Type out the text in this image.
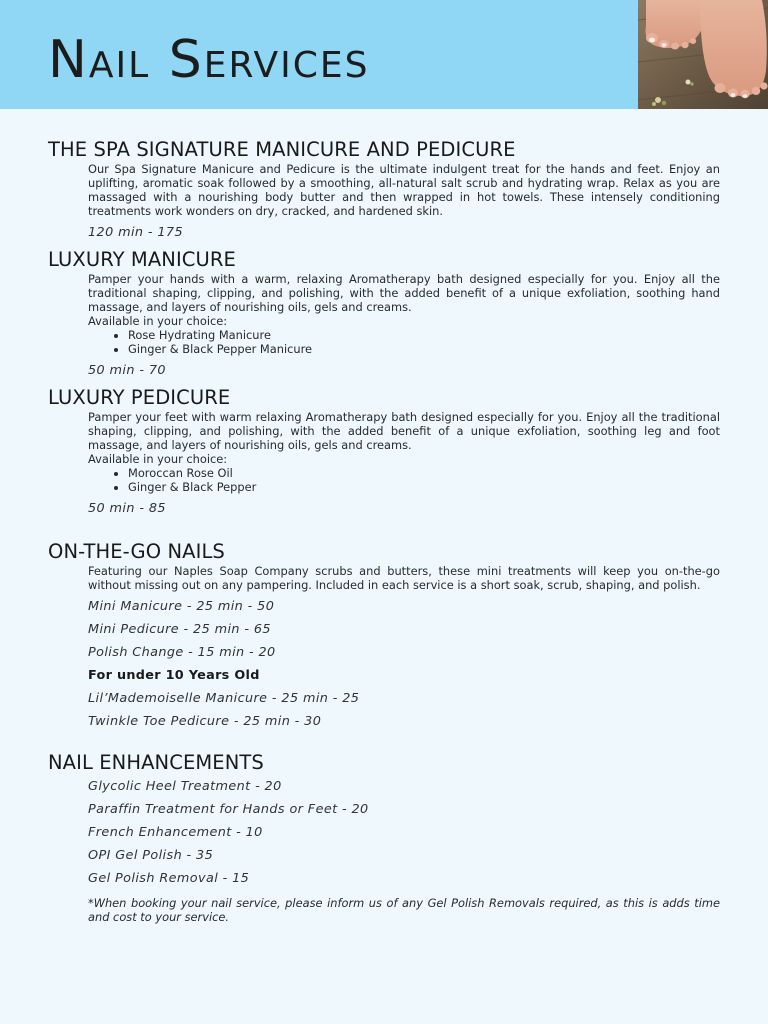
Nail Services
THE SPA SIGNATURE MANICURE AND PEDICURE

Our Spa Signature Manicure and Pedicure is the ultimate indulgent treat for the hands and feet. Enjoy an uplifting, aromatic soak followed by a smoothing, all-natural salt scrub and hydrating wrap. Relax as you are massaged with a nourishing body butter and then wrapped in hot towels. These intensely conditioning treatments work wonders on dry, cracked, and hardened skin.

120 min - 175

LUXURY MANICURE

Pamper your hands with a warm, relaxing Aromatherapy bath designed especially for you. Enjoy all the traditional shaping, clipping, and polishing, with the added benefit of a unique exfoliation, soothing hand massage, and layers of nourishing oils, gels and creams.

Available in your choice:

• Rose Hydrating Manicure
• Ginger & Black Pepper Manicure

50 min - 70

LUXURY PEDICURE

Pamper your feet with warm relaxing Aromatherapy bath designed especially for you. Enjoy all the traditional shaping, clipping, and polishing, with the added benefit of a unique exfoliation, soothing leg and foot massage, and layers of nourishing oils, gels and creams.

Available in your choice:

• Moroccan Rose Oil
• Ginger & Black Pepper

50 min - 85

ON-THE-GO NAILS

Featuring our Naples Soap Company scrubs and butters, these mini treatments will keep you on-the-go without missing out on any pampering. Included in each service is a short soak, scrub, shaping, and polish.

Mini Manicure - 25 min - 50

Mini Pedicure - 25 min - 65

Polish Change - 15 min - 20

For under 10 Years Old

Lil’Mademoiselle Manicure - 25 min - 25

Twinkle Toe Pedicure - 25 min - 30

NAIL ENHANCEMENTS

Glycolic Heel Treatment - 20

Paraffin Treatment for Hands or Feet - 20

French Enhancement - 10

OPI Gel Polish - 35

Gel Polish Removal - 15

*When booking your nail service, please inform us of any Gel Polish Removals required, as this is adds time and cost to your service.
